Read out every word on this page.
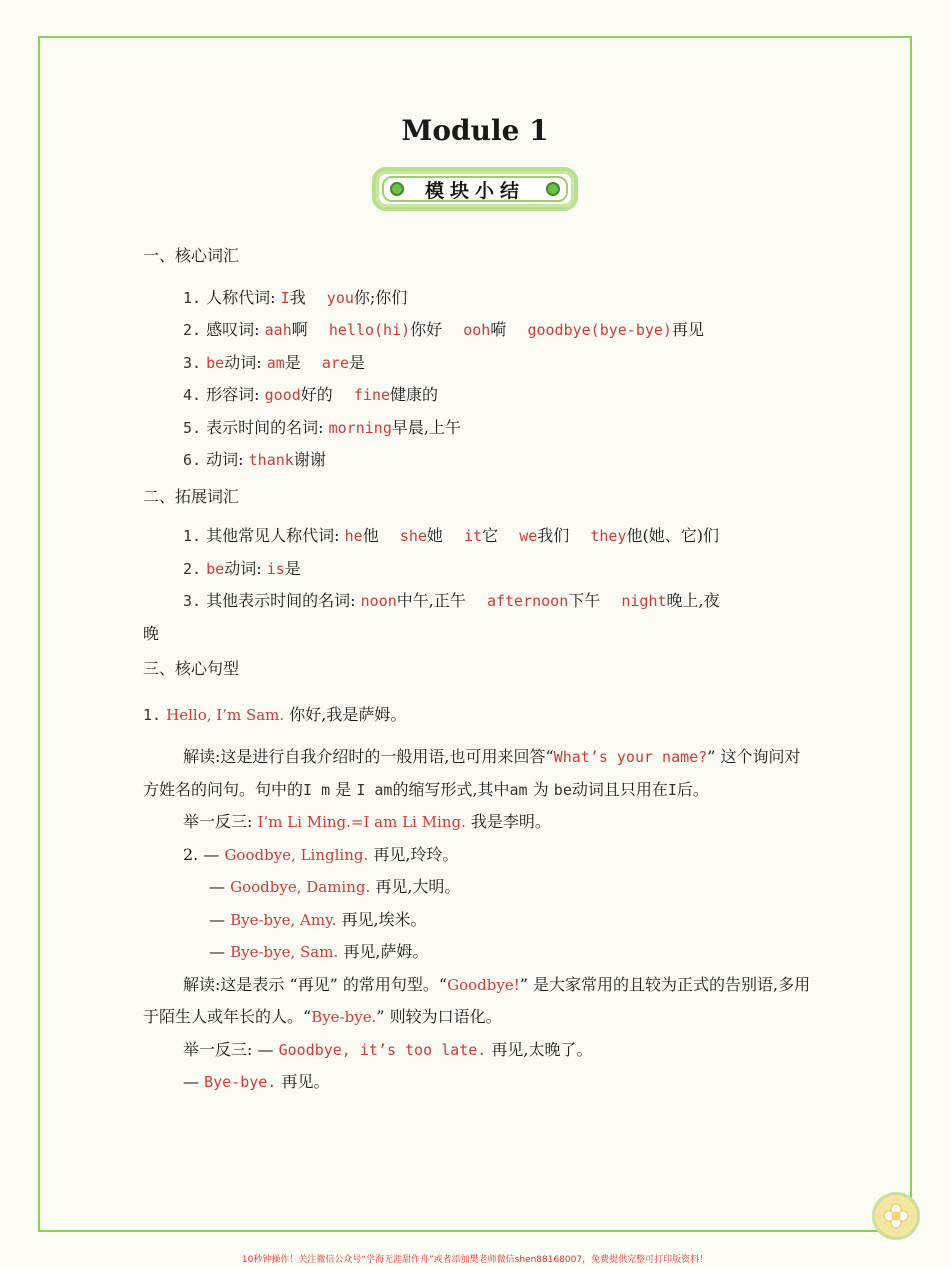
Module 1
模块小结
一、核心词汇
1. 人称代词: I我 you你;你们
2. 感叹词: aah啊 hello(hi)你好 ooh嗬 goodbye(bye-bye)再见
3. be动词: am是 are是
4. 形容词: good好的 fine健康的
5. 表示时间的名词: morning早晨,上午
6. 动词: thank谢谢
二、拓展词汇
1. 其他常见人称代词: he他 she她 it它 we我们 they他(她、它)们
2. be动词: is是
3. 其他表示时间的名词: noon中午,正午 afternoon下午 night晚上,夜
晚
三、核心句型
1. Hello, I’m Sam. 你好,我是萨姆。
解读:这是进行自我介绍时的一般用语,也可用来回答“What’s your name?” 这个询问对方姓名的问句。句中的I m 是 I am的缩写形式,其中am 为 be动词且只用在I后。
举一反三: I’m Li Ming.=I am Li Ming. 我是李明。
2. — Goodbye, Lingling. 再见,玲玲。
— Goodbye, Daming. 再见,大明。
— Bye-bye, Amy. 再见,埃米。
— Bye-bye, Sam. 再见,萨姆。
解读:这是表示 “再见” 的常用句型。“Goodbye!” 是大家常用的且较为正式的告别语,多用于陌生人或年长的人。“Bye-bye.” 则较为口语化。
举一反三: — Goodbye, it’s too late. 再见,太晚了。
— Bye-bye. 再见。
10秒钟操作！关注微信公众号“学海无涯甜作舟”或者添加樊老师微信shen88168007，免费提供完整可打印版资料！
